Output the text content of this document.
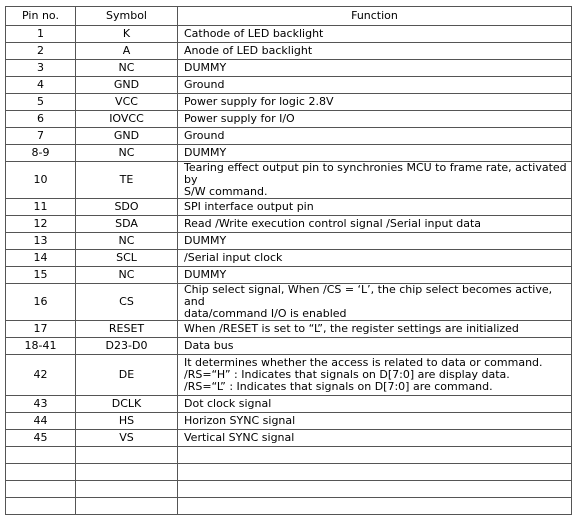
Pin no.	Symbol	Function
1	K	Cathode of LED backlight
2	A	Anode of LED backlight
3	NC	DUMMY
4	GND	Ground
5	VCC	Power supply for logic 2.8V
6	IOVCC	Power supply for I/O
7	GND	Ground
8-9	NC	DUMMY
10	TE	Tearing effect output pin to synchronies MCU to frame rate, activated by
S/W command.
11	SDO	SPI interface output pin
12	SDA	Read /Write execution control signal /Serial input data
13	NC	DUMMY
14	SCL	/Serial input clock
15	NC	DUMMY
16	CS	Chip select signal, When /CS = ‘L’, the chip select becomes active, and
data/command I/O is enabled
17	RESET	When /RESET is set to “L”, the register settings are initialized
18-41	D23-D0	Data bus
42	DE	It determines whether the access is related to data or command.
/RS=“H” : Indicates that signals on D[7:0] are display data.
/RS=“L” : Indicates that signals on D[7:0] are command.
43	DCLK	Dot clock signal
44	HS	Horizon SYNC signal
45	VS	Vertical SYNC signal
